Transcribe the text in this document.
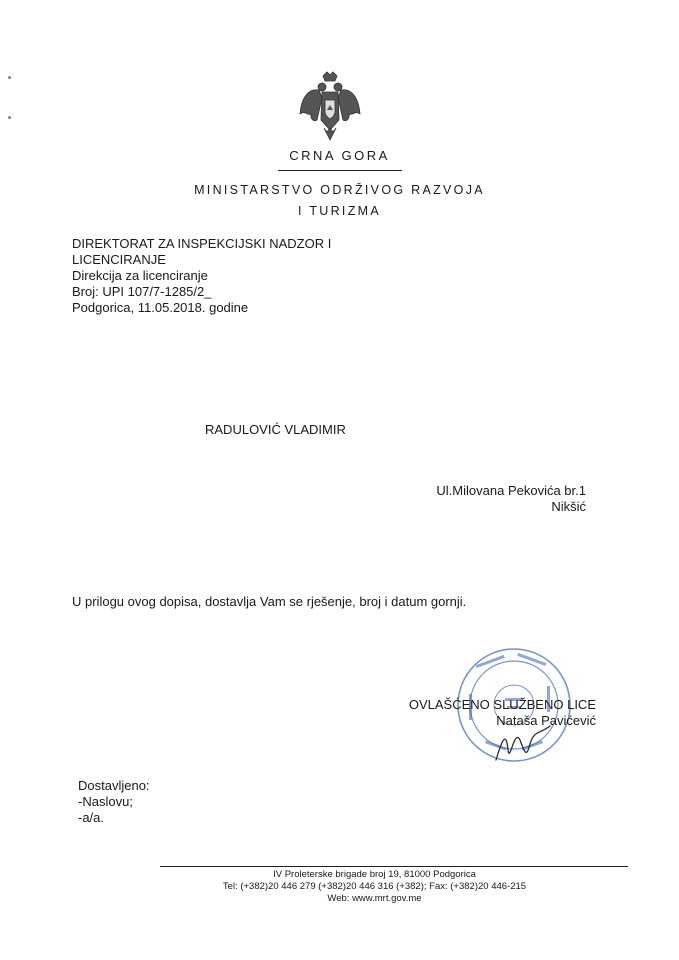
CRNA GORA
MINISTARSTVO ODRŽIVOG RAZVOJA
I TURIZMA
DIREKTORAT ZA INSPEKCIJSKI NADZOR I
LICENCIRANJE
Direkcija za licenciranje
Broj: UPI 107/7-1285/2_
Podgorica, 11.05.2018. godine
RADULOVIĆ VLADIMIR
Ul.Milovana Pekovića br.1
Nikšić
U prilogu ovog dopisa, dostavlja Vam se rješenje, broj i datum gornji.
OVLAŠĆENO SLUŽBENO LICE
Nataša Pavićević
Dostavljeno:
-Naslovu;
-a/a.
IV Proleterske brigade broj 19, 81000 Podgorica
Tel: (+382)20 446 279 (+382)20 446 316 (+382); Fax: (+382)20 446-215
Web: www.mrt.gov.me
